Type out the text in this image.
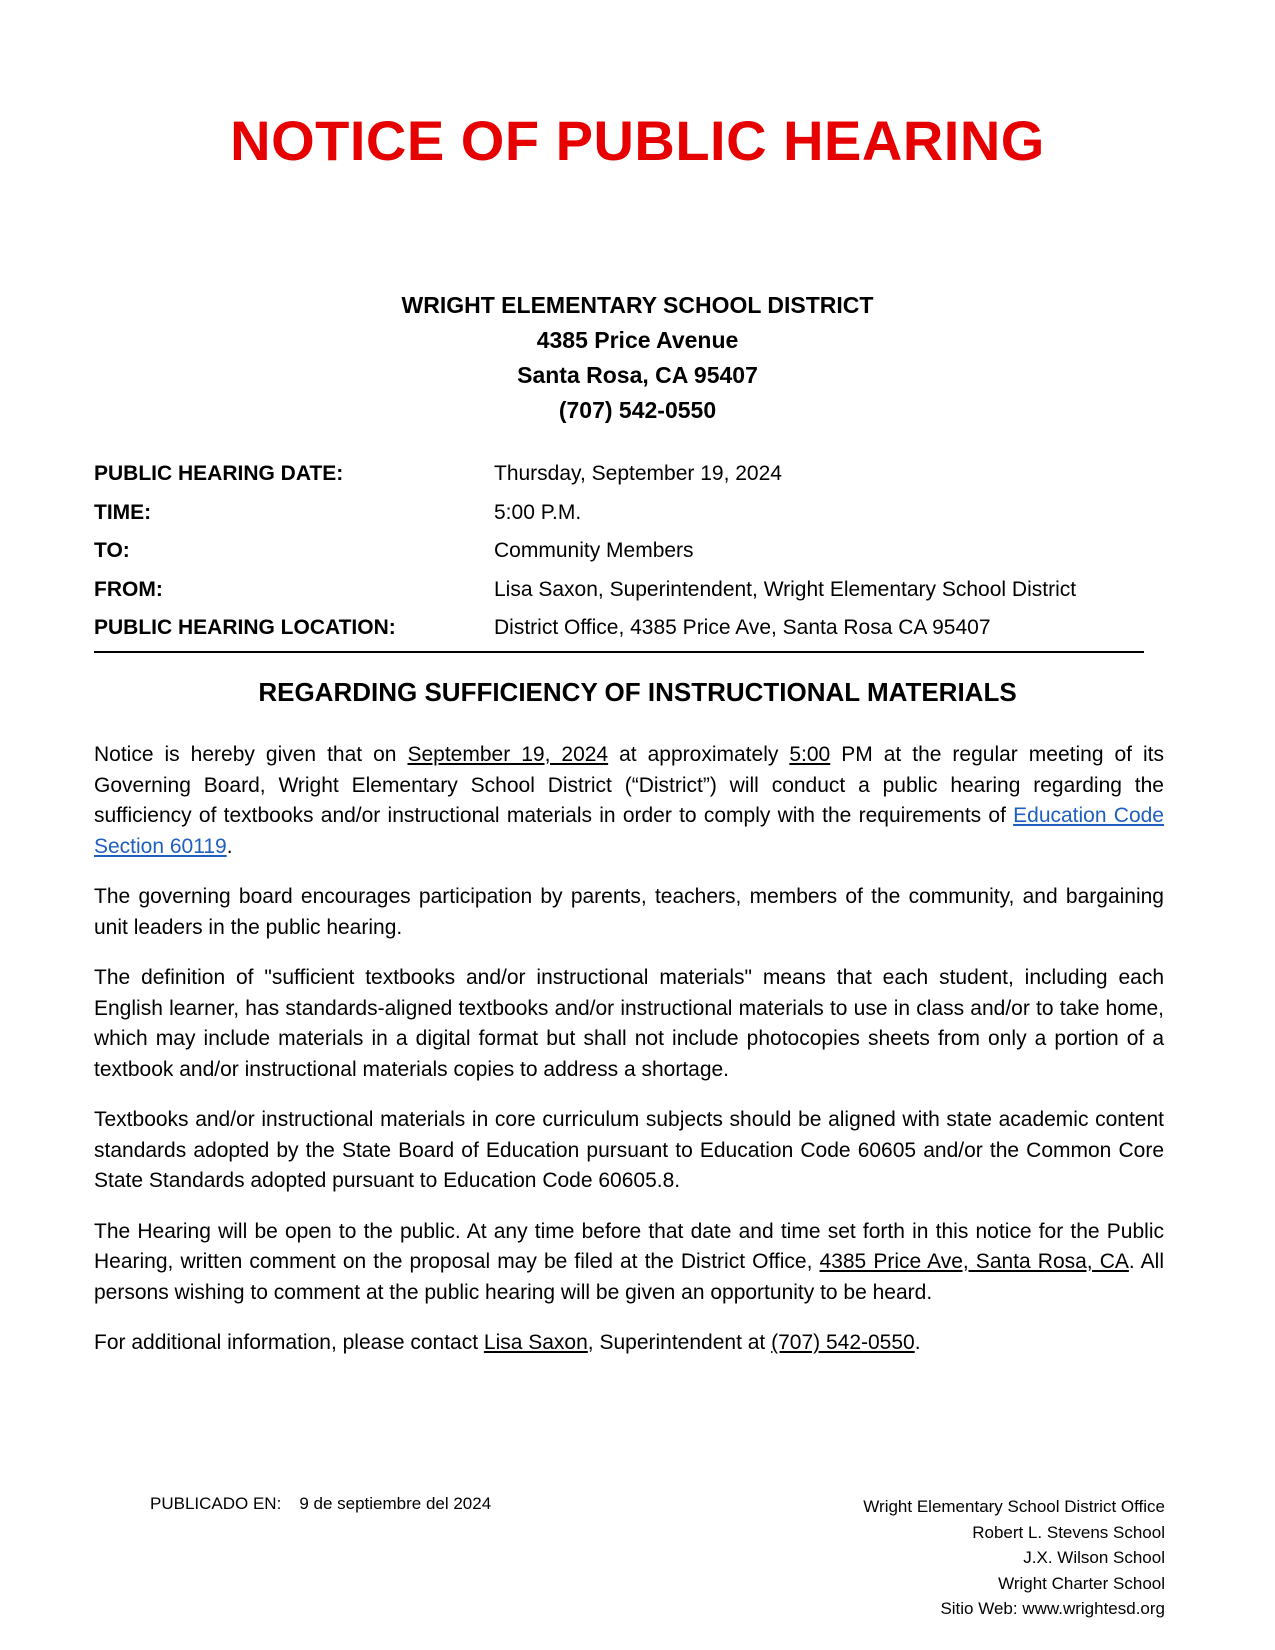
NOTICE OF PUBLIC HEARING
WRIGHT ELEMENTARY SCHOOL DISTRICT
4385 Price Avenue
Santa Rosa, CA 95407
(707) 542-0550
PUBLIC HEARING DATE:	Thursday, September 19, 2024
TIME:	5:00 P.M.
TO:	Community Members
FROM:	Lisa Saxon, Superintendent, Wright Elementary School District
PUBLIC HEARING LOCATION:	District Office, 4385 Price Ave, Santa Rosa CA 95407
REGARDING SUFFICIENCY OF INSTRUCTIONAL MATERIALS

Notice is hereby given that on September 19, 2024 at approximately 5:00 PM at the regular meeting of its Governing Board, Wright Elementary School District (“District”) will conduct a public hearing regarding the sufficiency of textbooks and/or instructional materials in order to comply with the requirements of Education Code Section 60119.

The governing board encourages participation by parents, teachers, members of the community, and bargaining unit leaders in the public hearing.

The definition of "sufficient textbooks and/or instructional materials" means that each student, including each English learner, has standards-aligned textbooks and/or instructional materials to use in class and/or to take home, which may include materials in a digital format but shall not include photocopies sheets from only a portion of a textbook and/or instructional materials copies to address a shortage.

Textbooks and/or instructional materials in core curriculum subjects should be aligned with state academic content standards adopted by the State Board of Education pursuant to Education Code 60605 and/or the Common Core State Standards adopted pursuant to Education Code 60605.8.

The Hearing will be open to the public. At any time before that date and time set forth in this notice for the Public Hearing, written comment on the proposal may be filed at the District Office, 4385 Price Ave, Santa Rosa, CA. All persons wishing to comment at the public hearing will be given an opportunity to be heard.

For additional information, please contact Lisa Saxon, Superintendent at (707) 542-0550.

PUBLICADO EN: 9 de septiembre del 2024	Wright Elementary School District Office
Robert L. Stevens School
J.X. Wilson School
Wright Charter School
Sitio Web: www.wrightesd.org
